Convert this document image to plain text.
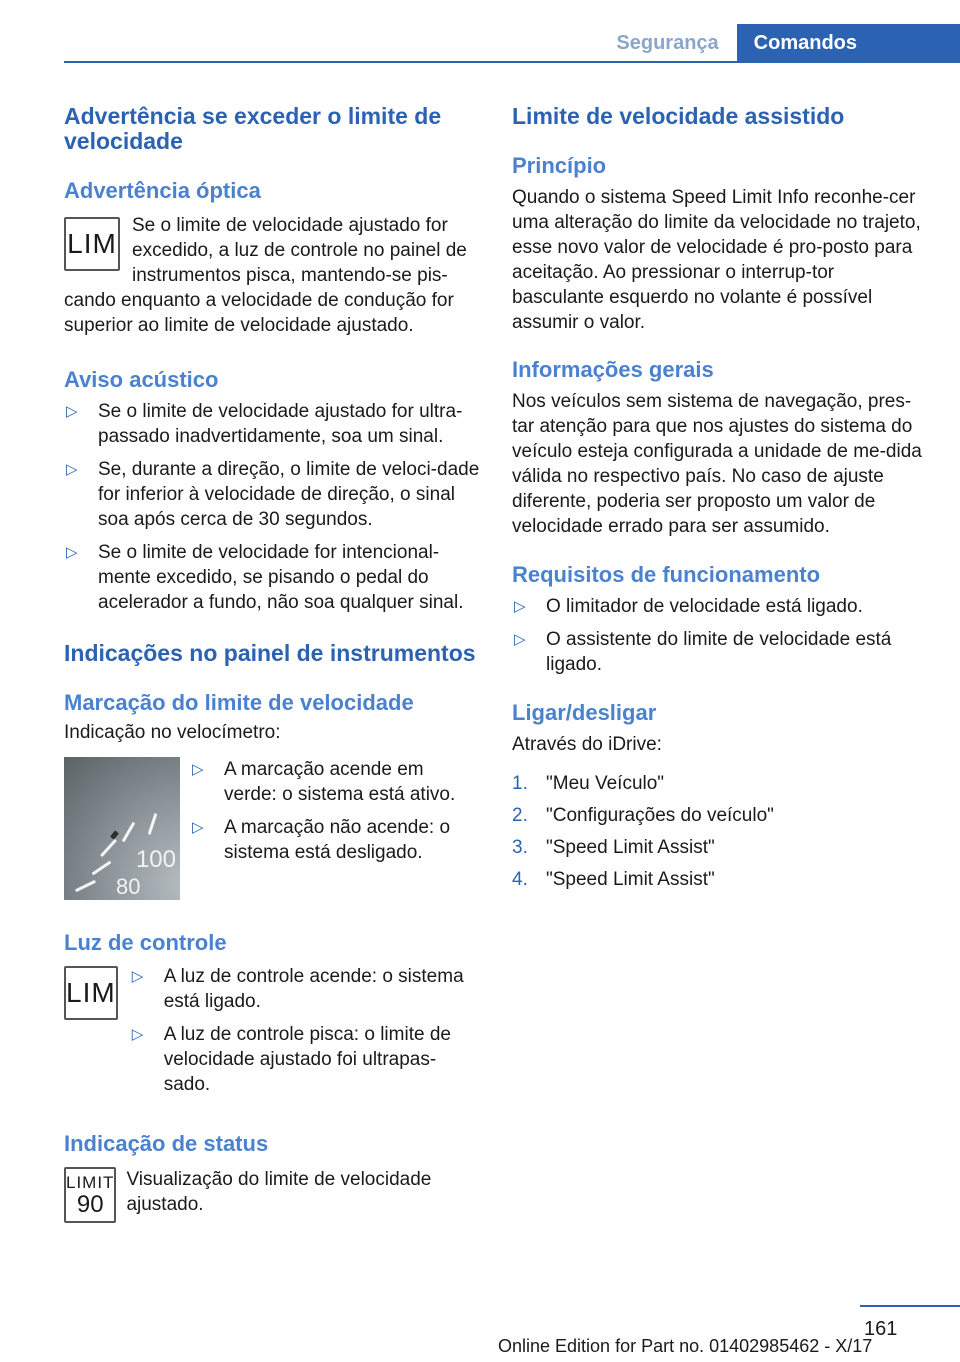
Segurança	Comandos
Advertência se exceder o limite de velocidade
Advertência óptica
LIM

Se o limite de velocidade ajustado for excedido, a luz de controle no painel de instrumentos pisca, mantendo-se pis-cando enquanto a velocidade de condução for superior ao limite de velocidade ajustado.

Aviso acústico
▷ Se o limite de velocidade ajustado for ultra-passado inadvertidamente, soa um sinal.
▷ Se, durante a direção, o limite de veloci-dade for inferior à velocidade de direção, o sinal soa após cerca de 30 segundos.
▷ Se o limite de velocidade for intencional-mente excedido, se pisando o pedal do acelerador a fundo, não soa qualquer sinal.
Indicações no painel de instrumentos
Marcação do limite de velocidade

Indicação no velocímetro:

100
80
▷ A marcação acende em verde: o sistema está ativo.
▷ A marcação não acende: o sistema está desligado.
Luz de controle
LIM
▷ A luz de controle acende: o sistema está ligado.
▷ A luz de controle pisca: o limite de velocidade ajustado foi ultrapas-sado.
Indicação de status
LIMIT
90

Visualização do limite de velocidade ajustado.

Limite de velocidade assistido
Princípio

Quando o sistema Speed Limit Info reconhe-cer uma alteração do limite da velocidade no trajeto, esse novo valor de velocidade é pro-posto para aceitação. Ao pressionar o interrup-tor basculante esquerdo no volante é possível assumir o valor.

Informações gerais

Nos veículos sem sistema de navegação, pres-tar atenção para que nos ajustes do sistema do veículo esteja configurada a unidade de me-dida válida no respectivo país. No caso de ajuste diferente, poderia ser proposto um valor de velocidade errado para ser assumido.

Requisitos de funcionamento
▷ O limitador de velocidade está ligado.
▷ O assistente do limite de velocidade está ligado.
Ligar/desligar

Através do iDrive:

1. "Meu Veículo"
2. "Configurações do veículo"
3. "Speed Limit Assist"
4. "Speed Limit Assist"
161
Online Edition for Part no. 01402985462 - X/17
